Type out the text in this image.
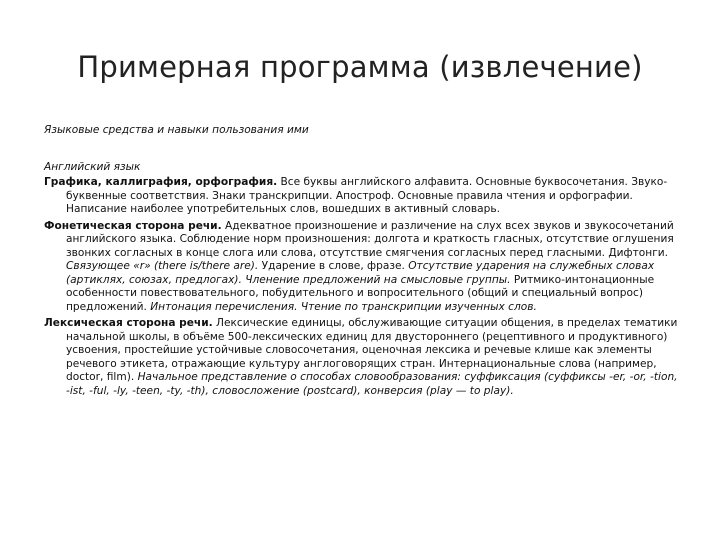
Примерная программа (извлечение)
Языковые средства и навыки пользования ими
Английский язык
Графика, каллиграфия, орфография. Все буквы английского алфавита. Основные буквосочетания. Звуко-буквенные соответствия. Знаки транскрипции. Апостроф. Основные правила чтения и орфографии. Написание наиболее употребительных слов, вошедших в активный словарь.
Фонетическая сторона речи. Адекватное произношение и различение на слух всех звуков и звукосочетаний английского языка. Соблюдение норм произношения: долгота и краткость гласных, отсутствие оглушения звонких согласных в конце слога или слова, отсутствие смягчения согласных перед гласными. Дифтонги. Связующее «r» (there is/there are). Ударение в слове, фразе. Отсутствие ударения на служебных словах (артиклях, союзах, предлогах). Членение предложений на смысловые группы. Ритмико-интонационные особенности повествовательного, побудительного и вопросительного (общий и специальный вопрос) предложений. Интонация перечисления. Чтение по транскрипции изученных слов.
Лексическая сторона речи. Лексические единицы, обслуживающие ситуации общения, в пределах тематики начальной школы, в объёме 500-лексических единиц для двустороннего (рецептивного и продуктивного) усвоения, простейшие устойчивые словосочетания, оценочная лексика и речевые клише как элементы речевого этикета, отражающие культуру англоговорящих стран. Интернациональные слова (например, doctor, film). Начальное представление о способах словообразования: суффиксация (суффиксы -er, -or, -tion, -ist, -ful, -ly, -teen, -ty, -th), словосложение (postcard), конверсия (play — to play).
